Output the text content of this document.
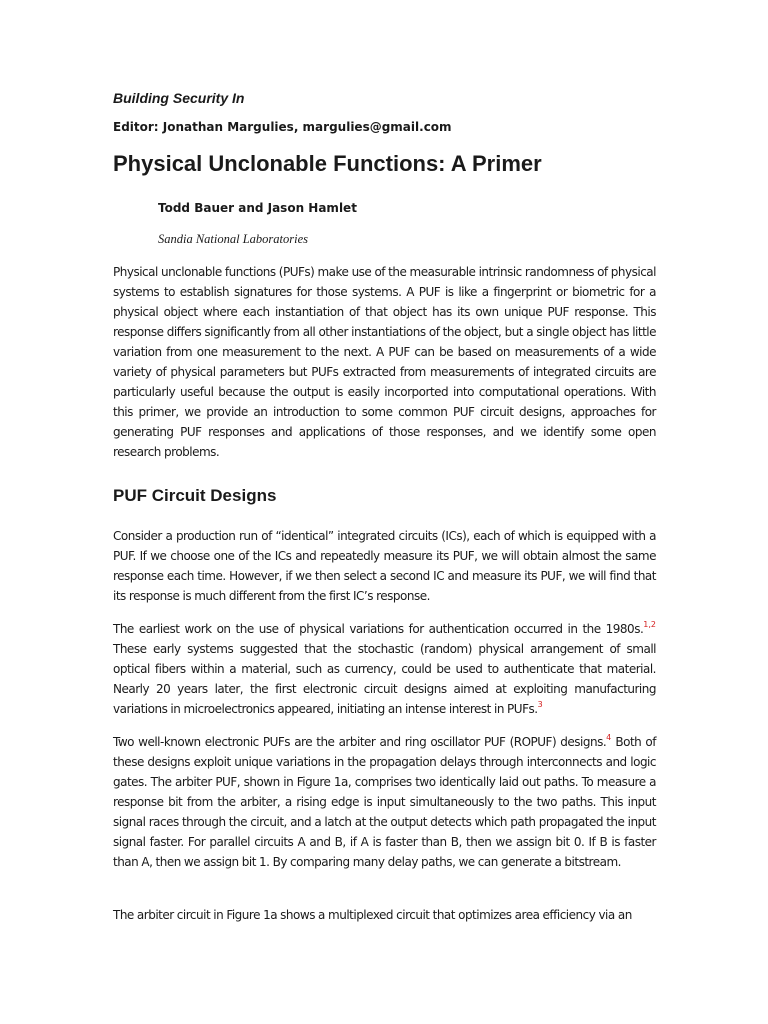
Building Security In

Editor: Jonathan Margulies, margulies@gmail.com

Physical Unclonable Functions: A Primer

Todd Bauer and Jason Hamlet

Sandia National Laboratories

Physical unclonable functions (PUFs) make use of the measurable intrinsic randomness of physical systems to establish signatures for those systems. A PUF is like a fingerprint or biometric for a physical object where each instantiation of that object has its own unique PUF response. This response differs significantly from all other instantiations of the object, but a single object has little variation from one measurement to the next. A PUF can be based on measurements of a wide variety of physical parameters but PUFs extracted from measurements of integrated circuits are particularly useful because the output is easily incorported into computational operations. With this primer, we provide an introduction to some common PUF circuit designs, approaches for generating PUF responses and applications of those responses, and we identify some open research problems.

PUF Circuit Designs

Consider a production run of “identical” integrated circuits (ICs), each of which is equipped with a PUF. If we choose one of the ICs and repeatedly measure its PUF, we will obtain almost the same response each time. However, if we then select a second IC and measure its PUF, we will find that its response is much different from the first IC’s response.

The earliest work on the use of physical variations for authentication occurred in the 1980s.$^{1,2}$ These early systems suggested that the stochastic (random) physical arrangement of small optical fibers within a material, such as currency, could be used to authenticate that material. Nearly 20 years later, the first electronic circuit designs aimed at exploiting manufacturing variations in microelectronics appeared, initiating an intense interest in PUFs.$^3$

Two well-known electronic PUFs are the arbiter and ring oscillator PUF (ROPUF) designs.$^4$ Both of these designs exploit unique variations in the propagation delays through interconnects and logic gates. The arbiter PUF, shown in Figure 1a, comprises two identically laid out paths. To measure a response bit from the arbiter, a rising edge is input simultaneously to the two paths. This input signal races through the circuit, and a latch at the output detects which path propagated the input signal faster. For parallel circuits A and B, if A is faster than B, then we assign bit 0. If B is faster than A, then we assign bit 1. By comparing many delay paths, we can generate a bitstream.

The arbiter circuit in Figure 1a shows a multiplexed circuit that optimizes area efficiency via an
